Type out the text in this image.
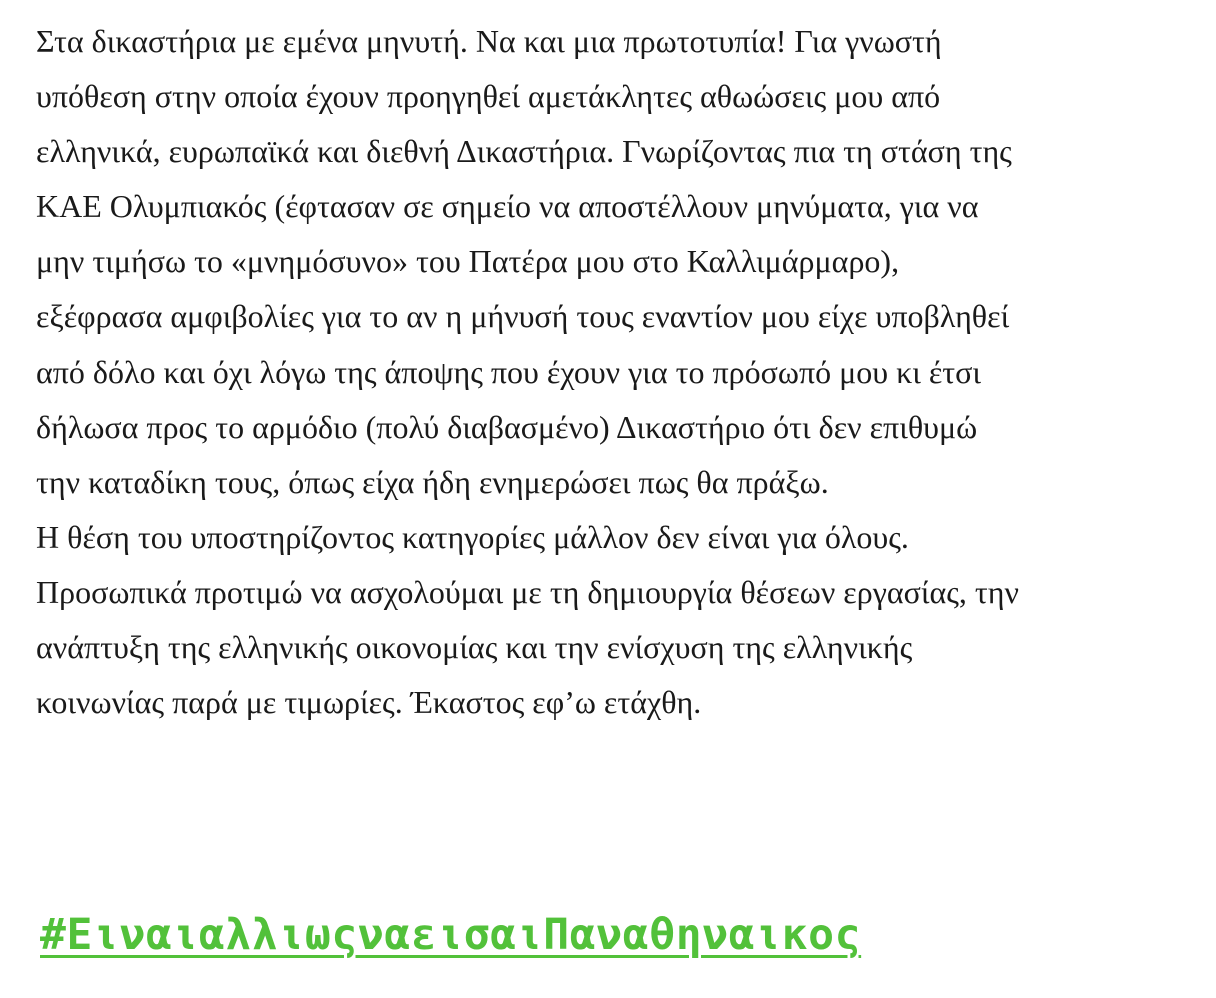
Στα δικαστήρια με εμένα μηνυτή. Να και μια πρωτοτυπία! Για γνωστή
υπόθεση στην οποία έχουν προηγηθεί αμετάκλητες αθωώσεις μου από
ελληνικά, ευρωπαϊκά και διεθνή Δικαστήρια. Γνωρίζοντας πια τη στάση της
ΚΑΕ Ολυμπιακός (έφτασαν σε σημείο να αποστέλλουν μηνύματα, για να
μην τιμήσω το «μνημόσυνο» του Πατέρα μου στο Καλλιμάρμαρο),
εξέφρασα αμφιβολίες για το αν η μήνυσή τους εναντίον μου είχε υποβληθεί
από δόλο και όχι λόγω της άποψης που έχουν για το πρόσωπό μου κι έτσι
δήλωσα προς το αρμόδιο (πολύ διαβασμένο) Δικαστήριο ότι δεν επιθυμώ
την καταδίκη τους, όπως είχα ήδη ενημερώσει πως θα πράξω.
Η θέση του υποστηρίζοντος κατηγορίες μάλλον δεν είναι για όλους.
Προσωπικά προτιμώ να ασχολούμαι με τη δημιουργία θέσεων εργασίας, την
ανάπτυξη της ελληνικής οικονομίας και την ενίσχυση της ελληνικής
κοινωνίας παρά με τιμωρίες. Έκαστος εφ’ω ετάχθη.
#ΕιναιαλλιωςναεισαιΠαναθηναικος
